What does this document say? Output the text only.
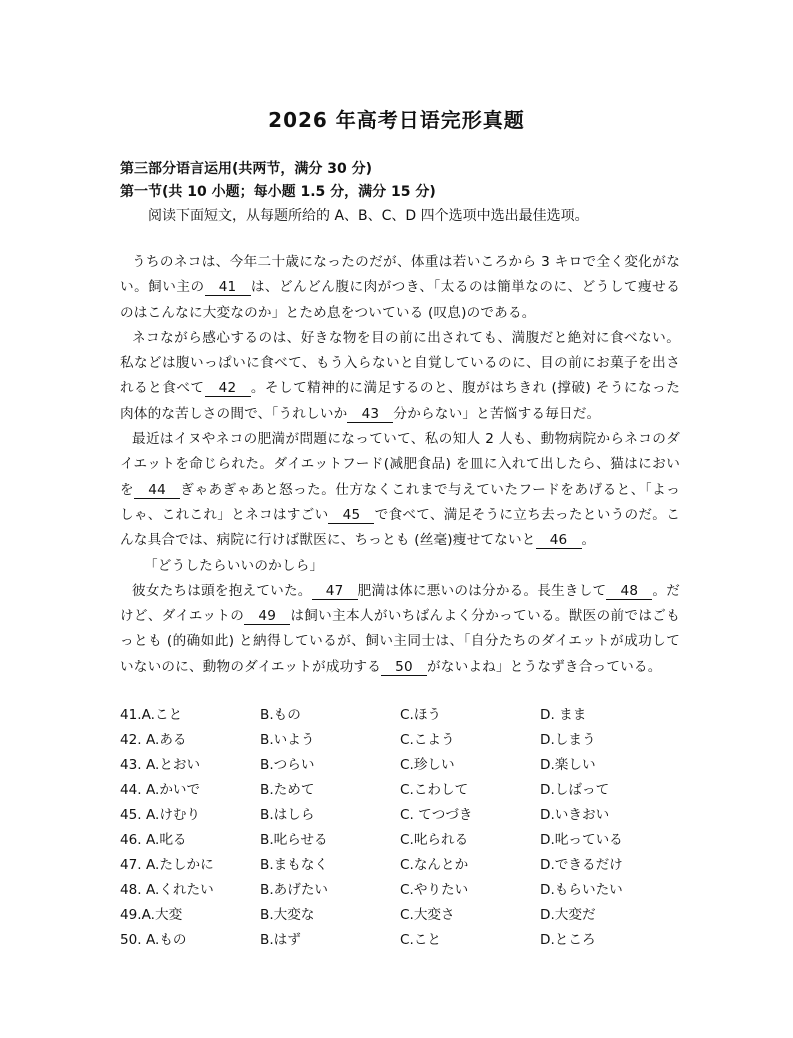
2026 年高考日语完形真题
第三部分语言运用(共两节，满分 30 分)
第一节(共 10 小题；每小题 1.5 分，满分 15 分)
阅读下面短文，从每题所给的 A、B、C、D 四个选项中选出最佳选项。

うちのネコは、今年二十歳になったのだが、体重は若いころから 3 キロで全く変化がない。飼い主の 41 は、どんどん腹に肉がつき、「太るのは簡単なのに、どうして痩せるのはこんなに大変なのか」とため息をついている (叹息)のである。

ネコながら感心するのは、好きな物を目の前に出されても、満腹だと絶対に食べない。私などは腹いっぱいに食べて、もう入らないと自覚しているのに、目の前にお菓子を出されると食べて 42 。そして精神的に満足するのと、腹がはちきれ (撑破) そうになった肉体的な苦しさの間で、「うれしいか 43 分からない」と苦悩する毎日だ。

最近はイヌやネコの肥満が問題になっていて、私の知人 2 人も、動物病院からネコのダイエットを命じられた。ダイエットフード(减肥食品) を皿に入れて出したら、猫はにおいを 44 ぎゃあぎゃあと怒った。仕方なくこれまで与えていたフードをあげると、「よっしゃ、これこれ」とネコはすごい 45 で食べて、満足そうに立ち去ったというのだ。こんな具合では、病院に行けば獣医に、ちっとも (丝毫)痩せてないと 46 。

「どうしたらいいのかしら」

彼女たちは頭を抱えていた。 47 肥満は体に悪いのは分かる。長生きして 48 。だけど、ダイエットの 49 は飼い主本人がいちばんよく分かっている。獣医の前ではごもっとも (的确如此) と納得しているが、飼い主同士は、「自分たちのダイエットが成功していないのに、動物のダイエットが成功する 50 がないよね」とうなずき合っている。

41.A.こと	B.もの	C.ほう	D. まま
42. A.ある	B.いよう	C.こよう	D.しまう
43. A.とおい	B.つらい	C.珍しい	D.楽しい
44. A.かいで	B.ためて	C.こわして	D.しばって
45. A.けむり	B.はしら	C. てつづき	D.いきおい
46. A.叱る	B.叱らせる	C.叱られる	D.叱っている
47. A.たしかに	B.まもなく	C.なんとか	D.できるだけ
48. A.くれたい	B.あげたい	C.やりたい	D.もらいたい
49.A.大変	B.大変な	C.大変さ	D.大変だ
50. A.もの	B.はず	C.こと	D.ところ
